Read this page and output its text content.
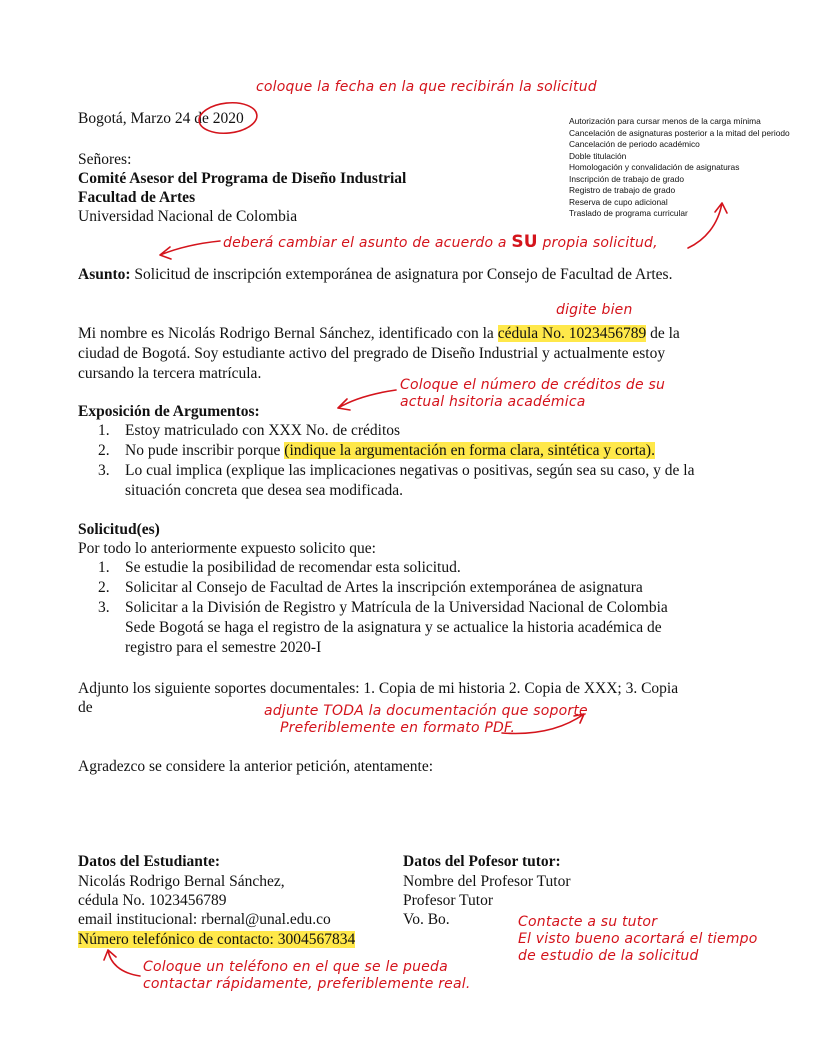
Bogotá, Marzo 24 de 2020
Señores:
Comité Asesor del Programa de Diseño Industrial
Facultad de Artes
Universidad Nacional de Colombia
Autorización para cursar menos de la carga mínima
Cancelación de asignaturas posterior a la mitad del periodo
Cancelación de periodo académico
Doble titulación
Homologación y convalidación de asignaturas
Inscripción de trabajo de grado
Registro de trabajo de grado
Reserva de cupo adicional
Traslado de programa curricular
Asunto: Solicitud de inscripción extemporánea de asignatura por Consejo de Facultad de Artes.
Mi nombre es Nicolás Rodrigo Bernal Sánchez, identificado con la cédula No. 1023456789 de la
ciudad de Bogotá. Soy estudiante activo del pregrado de Diseño Industrial y actualmente estoy
cursando la tercera matrícula.
Exposición de Argumentos:
1. Estoy matriculado con XXX No. de créditos
2. No pude inscribir porque (indique la argumentación en forma clara, sintética y corta).
3. Lo cual implica (explique las implicaciones negativas o positivas, según sea su caso, y de la situación concreta que desea sea modificada.
Solicitud(es)
Por todo lo anteriormente expuesto solicito que:
1. Se estudie la posibilidad de recomendar esta solicitud.
2. Solicitar al Consejo de Facultad de Artes la inscripción extemporánea de asignatura
3. Solicitar a la División de Registro y Matrícula de la Universidad Nacional de Colombia Sede Bogotá se haga el registro de la asignatura y se actualice la historia académica de registro para el semestre 2020-I
Adjunto los siguiente soportes documentales: 1. Copia de mi historia 2. Copia de XXX; 3. Copia
de
Agradezco se considere la anterior petición, atentamente:
Datos del Estudiante:
Nicolás Rodrigo Bernal Sánchez,
cédula No. 1023456789
email institucional: rbernal@unal.edu.co
Número telefónico de contacto: 3004567834
Datos del Pofesor tutor:
Nombre del Profesor Tutor
Profesor Tutor
Vo. Bo.
coloque la fecha en la que recibirán la solicitud
deberá cambiar el asunto de acuerdo a SU propia solicitud,
digite bien
Coloque el número de créditos de su
actual hsitoria académica
adjunte TODA la documentación que soporte
Preferiblemente en formato PDF.
Coloque un teléfono en el que se le pueda
contactar rápidamente, preferiblemente real.
Contacte a su tutor
El visto bueno acortará el tiempo
de estudio de la solicitud
